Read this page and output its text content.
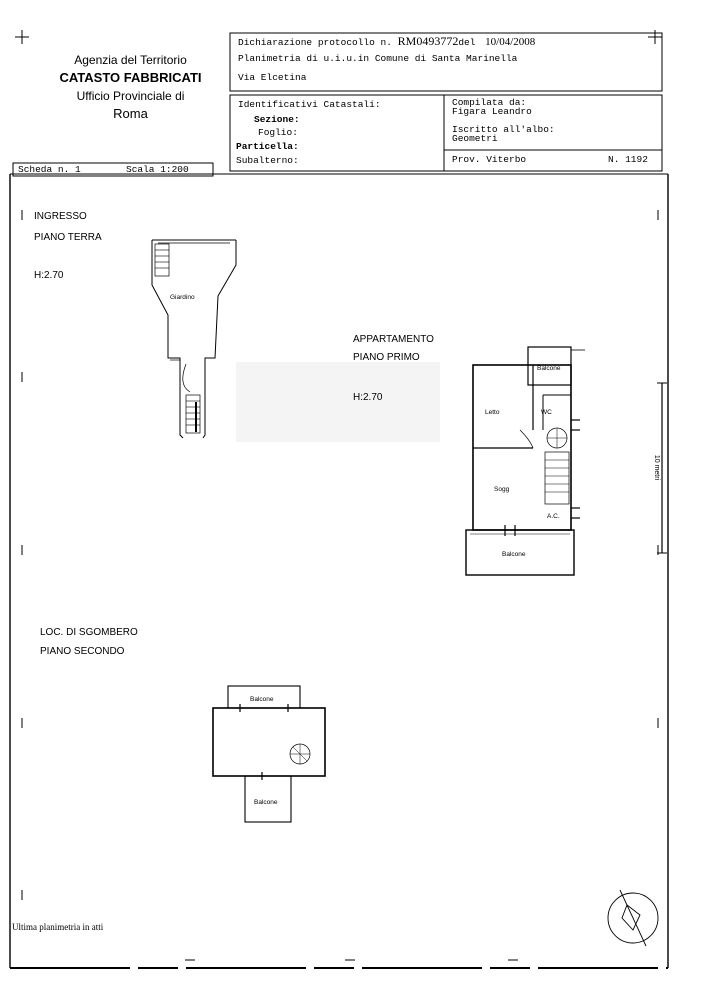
Agenzia del Territorio
CATASTO FABBRICATI
Ufficio Provinciale di
Roma
Dichiarazione protocollo n. RM0493772del 10/04/2008
Planimetria di u.i.u.in Comune di Santa Marinella
Via Elcetina
Identificativi Catastali:
Sezione:
Foglio:
Particella:
Subalterno:
Compilata da:
Figara Leandro
Iscritto all'albo:
Geometri
Prov. Viterbo	N. 1192
Scheda n. 1	Scala 1:200
INGRESSO
PIANO TERRA
H:2.70
Giardino
APPARTAMENTO
PIANO PRIMO
H:2.70
Balcone
Letto	WC
Sogg
A.C.
Balcone
LOC. DI SGOMBERO
PIANO SECONDO
Balcone
Balcone
10 metri
Ultima planimetria in atti
